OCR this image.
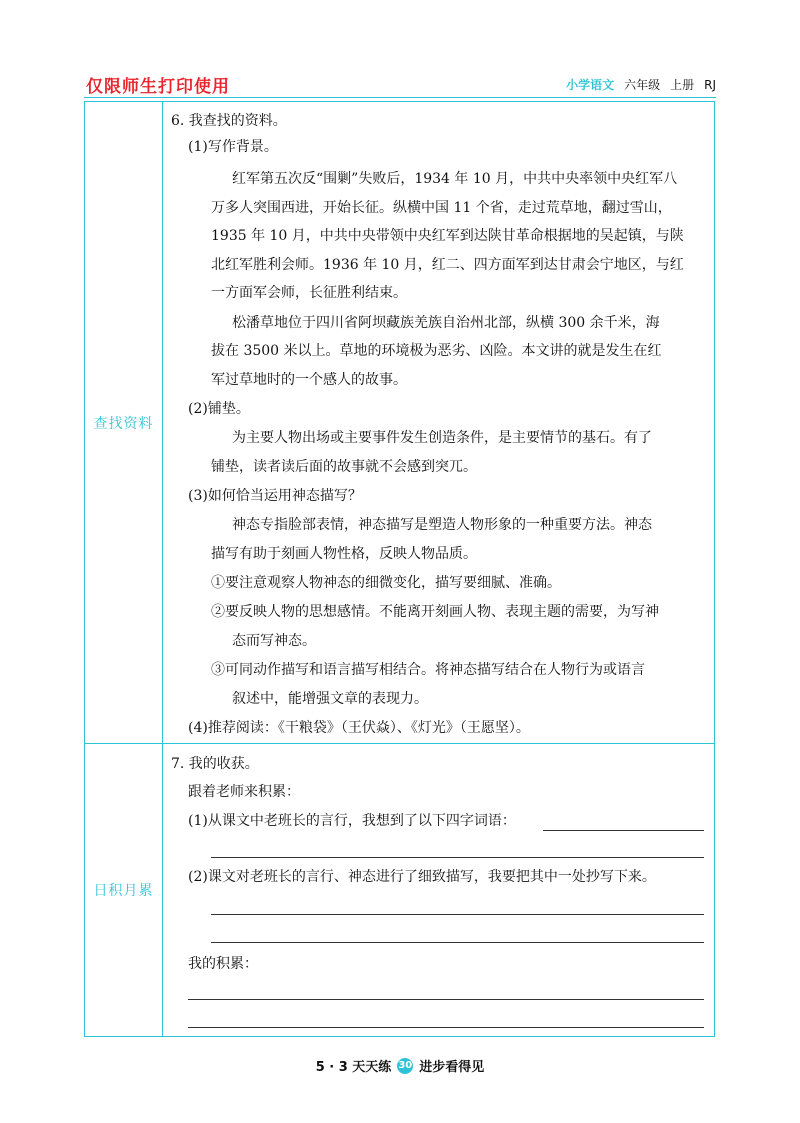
仅限师生打印使用	小学语文 六年级 上册 RJ
查找资料
6. 我查找的资料。
(1)写作背景。
红军第五次反“围剿”失败后，1934 年 10 月，中共中央率领中央红军八
万多人突围西进，开始长征。纵横中国 11 个省，走过荒草地，翻过雪山，
1935 年 10 月，中共中央带领中央红军到达陕甘革命根据地的吴起镇，与陕
北红军胜利会师。1936 年 10 月，红二、四方面军到达甘肃会宁地区，与红
一方面军会师，长征胜利结束。
松潘草地位于四川省阿坝藏族羌族自治州北部，纵横 300 余千米，海
拔在 3500 米以上。草地的环境极为恶劣、凶险。本文讲的就是发生在红
军过草地时的一个感人的故事。
(2)铺垫。
为主要人物出场或主要事件发生创造条件，是主要情节的基石。有了
铺垫，读者读后面的故事就不会感到突兀。
(3)如何恰当运用神态描写？
神态专指脸部表情，神态描写是塑造人物形象的一种重要方法。神态
描写有助于刻画人物性格，反映人物品质。
①要注意观察人物神态的细微变化，描写要细腻、准确。
②要反映人物的思想感情。不能离开刻画人物、表现主题的需要，为写神
态而写神态。
③可同动作描写和语言描写相结合。将神态描写结合在人物行为或语言
叙述中，能增强文章的表现力。
(4)推荐阅读：《干粮袋》（王伏焱）、《灯光》（王愿坚）。
日积月累
7. 我的收获。
跟着老师来积累：
(1)从课文中老班长的言行，我想到了以下四字词语：
(2)课文对老班长的言行、神态进行了细致描写，我要把其中一处抄写下来。
我的积累：
5 · 3 天天练 30 进步看得见
